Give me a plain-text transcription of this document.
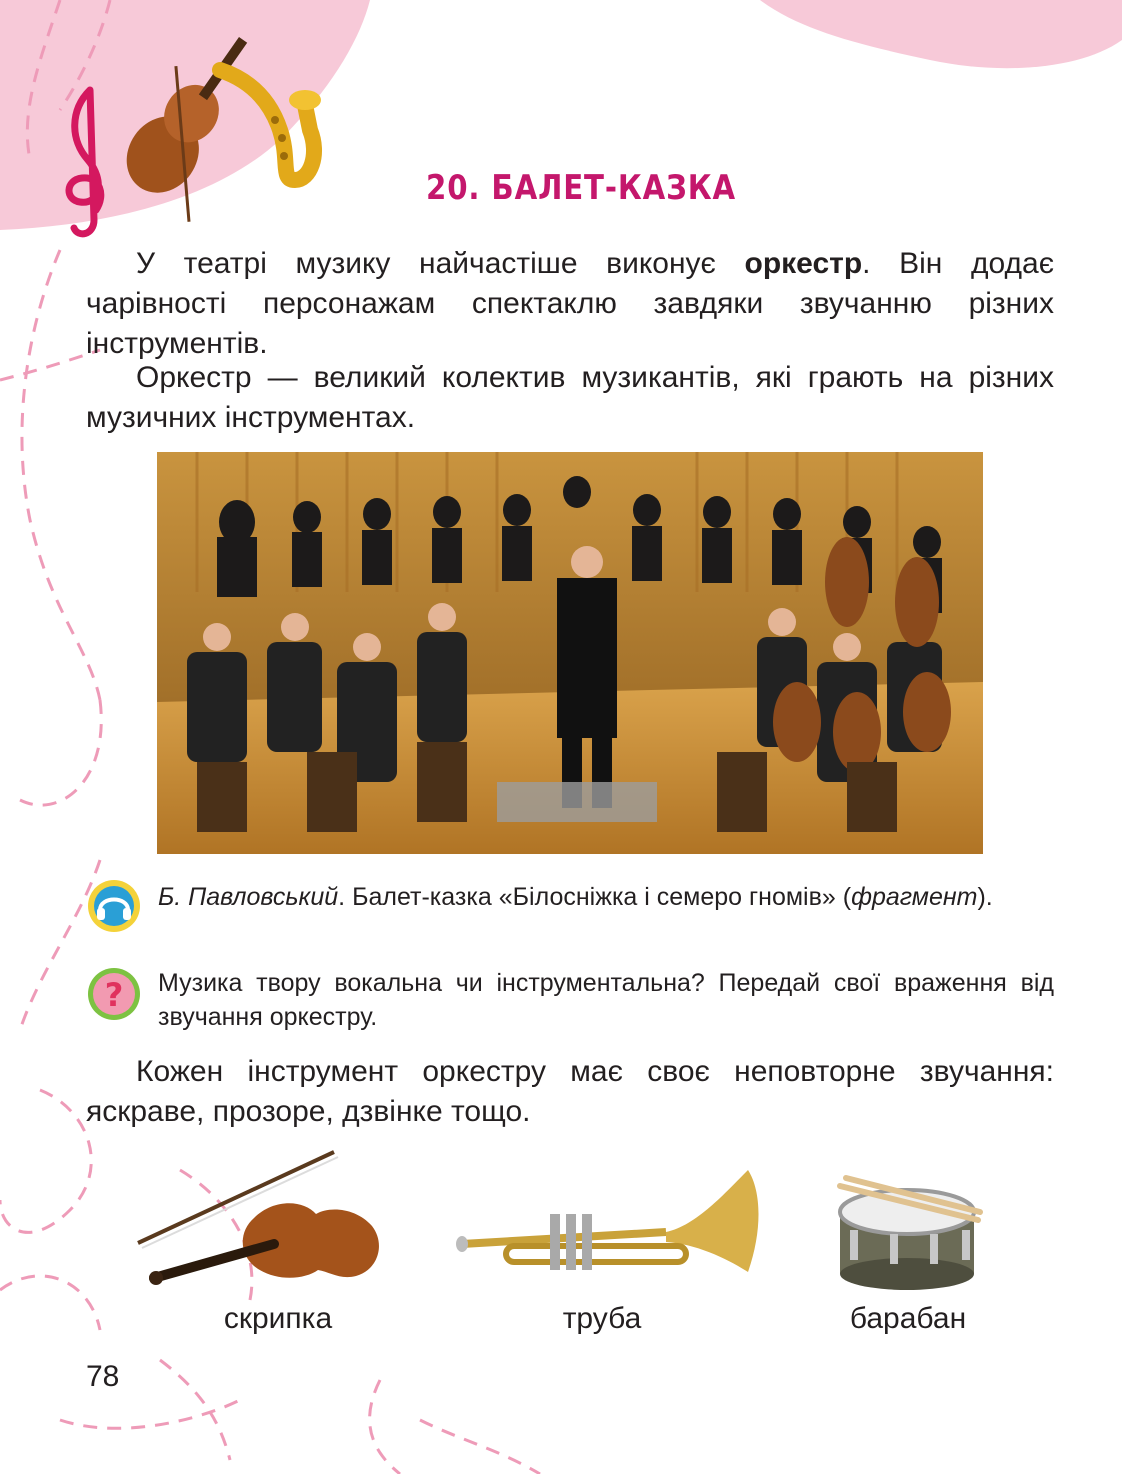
20. БАЛЕТ-КАЗКА
У театрі музику найчастіше виконує оркестр. Він додає чарівності персонажам спектаклю завдяки звучанню різних інструментів.
Оркестр — великий колектив музикантів, які грають на різних музичних інструментах.
Б. Павловський. Балет-казка «Білосніжка і семеро гномів» (фрагмент).
? Музика твору вокальна чи інструментальна? Передай свої враження від звучання оркестру.
Кожен інструмент оркестру має своє неповторне звучання: яскраве, прозоре, дзвінке тощо.
скрипка	труба	барабан
78
